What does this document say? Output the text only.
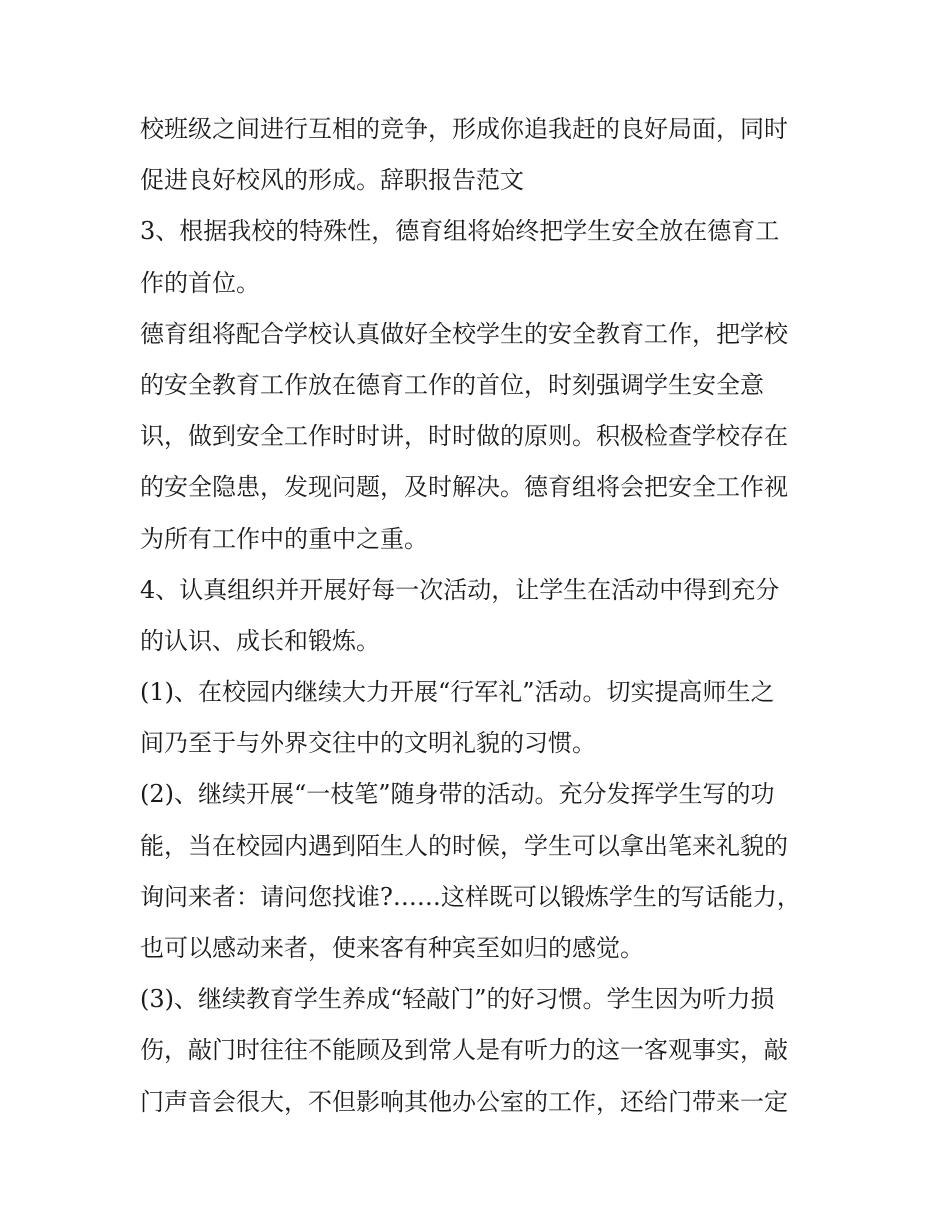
校班级之间进行互相的竞争，形成你追我赶的良好局面，同时

促进良好校风的形成。辞职报告范文

3、根据我校的特殊性，德育组将始终把学生安全放在德育工

作的首位。

德育组将配合学校认真做好全校学生的安全教育工作，把学校

的安全教育工作放在德育工作的首位，时刻强调学生安全意

识，做到安全工作时时讲，时时做的原则。积极检查学校存在

的安全隐患，发现问题，及时解决。德育组将会把安全工作视

为所有工作中的重中之重。

4、认真组织并开展好每一次活动，让学生在活动中得到充分

的认识、成长和锻炼。

(1)、在校园内继续大力开展“行军礼”活动。切实提高师生之

间乃至于与外界交往中的文明礼貌的习惯。

(2)、继续开展“一枝笔”随身带的活动。充分发挥学生写的功

能，当在校园内遇到陌生人的时候，学生可以拿出笔来礼貌的

询问来者：请问您找谁?……这样既可以锻炼学生的写话能力，

也可以感动来者，使来客有种宾至如归的感觉。

(3)、继续教育学生养成“轻敲门”的好习惯。学生因为听力损

伤，敲门时往往不能顾及到常人是有听力的这一客观事实，敲

门声音会很大，不但影响其他办公室的工作，还给门带来一定
